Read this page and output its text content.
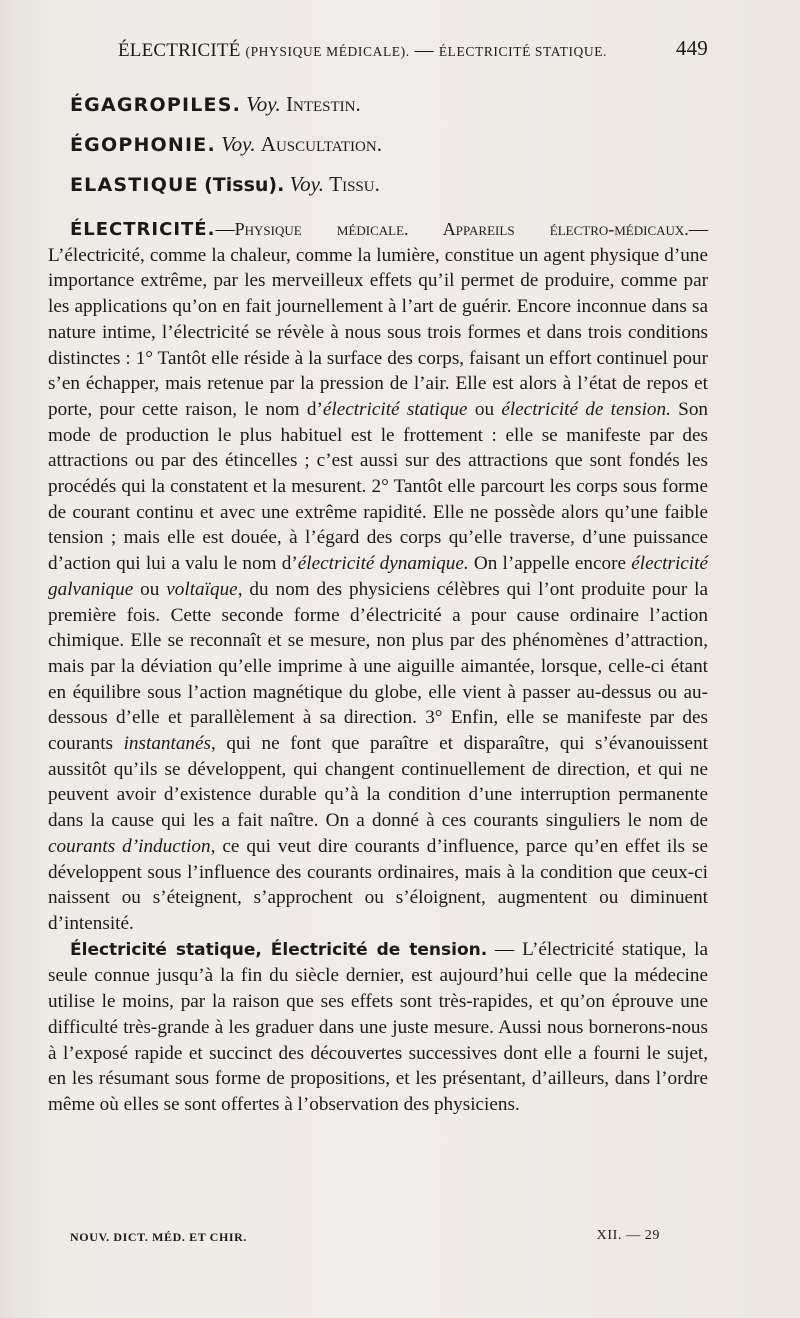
ÉLECTRICITÉ (PHYSIQUE MÉDICALE). — ÉLECTRICITÉ STATIQUE.	449
ÉGAGROPILES. Voy. Intestin.
ÉGOPHONIE. Voy. Auscultation.
ELASTIQUE (Tissu). Voy. Tissu.

ÉLECTRICITÉ.—Physique médicale. Appareils électro-médicaux.— L’électricité, comme la chaleur, comme la lumière, constitue un agent physique d’une importance extrême, par les merveilleux effets qu’il permet de produire, comme par les applications qu’on en fait journellement à l’art de guérir. Encore inconnue dans sa nature intime, l’électricité se révèle à nous sous trois formes et dans trois conditions distinctes : 1° Tantôt elle réside à la surface des corps, faisant un effort continuel pour s’en échapper, mais retenue par la pression de l’air. Elle est alors à l’état de repos et porte, pour cette raison, le nom d’électricité statique ou électricité de tension. Son mode de production le plus habituel est le frottement : elle se manifeste par des attractions ou par des étincelles ; c’est aussi sur des attractions que sont fondés les procédés qui la constatent et la mesurent. 2° Tantôt elle parcourt les corps sous forme de courant continu et avec une extrême rapidité. Elle ne possède alors qu’une faible tension ; mais elle est douée, à l’égard des corps qu’elle traverse, d’une puissance d’action qui lui a valu le nom d’électricité dynamique. On l’appelle encore électricité galvanique ou voltaïque, du nom des physiciens célèbres qui l’ont produite pour la première fois. Cette seconde forme d’électricité a pour cause ordinaire l’action chimique. Elle se reconnaît et se mesure, non plus par des phénomènes d’attraction, mais par la déviation qu’elle imprime à une aiguille aimantée, lorsque, celle-ci étant en équilibre sous l’action magnétique du globe, elle vient à passer au-dessus ou au-dessous d’elle et parallèlement à sa direction. 3° Enfin, elle se manifeste par des courants instantanés, qui ne font que paraître et disparaître, qui s’évanouissent aussitôt qu’ils se développent, qui changent continuellement de direction, et qui ne peuvent avoir d’existence durable qu’à la condition d’une interruption permanente dans la cause qui les a fait naître. On a donné à ces courants singuliers le nom de courants d’induction, ce qui veut dire courants d’influence, parce qu’en effet ils se développent sous l’influence des courants ordinaires, mais à la condition que ceux-ci naissent ou s’éteignent, s’approchent ou s’éloignent, augmentent ou diminuent d’intensité.

Électricité statique, Électricité de tension. — L’électricité statique, la seule connue jusqu’à la fin du siècle dernier, est aujourd’hui celle que la médecine utilise le moins, par la raison que ses effets sont très-rapides, et qu’on éprouve une difficulté très-grande à les graduer dans une juste mesure. Aussi nous bornerons-nous à l’exposé rapide et succinct des découvertes successives dont elle a fourni le sujet, en les résumant sous forme de propositions, et les présentant, d’ailleurs, dans l’ordre même où elles se sont offertes à l’observation des physiciens.

NOUV. DICT. MÉD. ET CHIR.	XII. — 29
